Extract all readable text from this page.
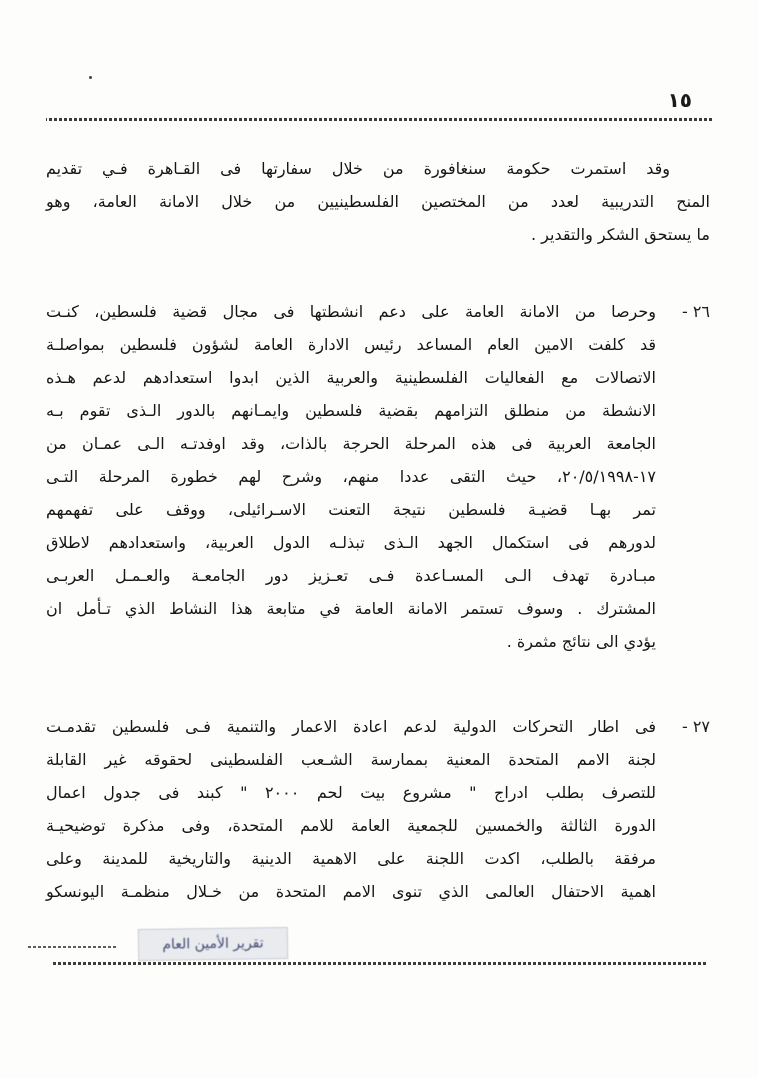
١٥
وقد استمرت حكومة سنغافورة من خلال سفارتها فى القـاهرة فـي تقديم
المنح التدريبية لعدد من المختصين الفلسطينيين من خلال الامانة العامة، وهو
ما يستحق الشكر والتقدير .
٢٦ -
وحرصا من الامانة العامة على دعم انشطتها فى مجال قضية فلسطين، كنـت
قد كلفت الامين العام المساعد رئيس الادارة العامة لشؤون فلسطين بمواصلـة
الاتصالات مع الفعاليات الفلسطينية والعربية الذين ابدوا استعدادهم لدعم هـذه
الانشطة من منطلق التزامهم بقضية فلسطين وايمـانهم بالدور الـذى تقوم بـه
الجامعة العربية فى هذه المرحلة الحرجة بالذات، وقد اوفدتـه الـى عمـان من
١٧-٢٠/٥/١٩٩٨، حيث التقى عددا منهم، وشرح لهم خطورة المرحلة التـى
تمر بهـا قضيـة فلسطين نتيجة التعنت الاسـرائيلى، ووقف على تفهمهم
لدورهم فى استكمال الجهد الـذى تبذلـه الدول العربية، واستعدادهم لاطلاق
مبـادرة تهدف الـى المسـاعدة فـى تعـزيز دور الجامعـة والعـمـل العربـى
المشترك . وسوف تستمر الامانة العامة في متابعة هذا النشاط الذي تـأمل ان
يؤدي الى نتائج مثمرة .
٢٧ -
فى اطار التحركات الدولية لدعم اعادة الاعمار والتنمية فـى فلسطين تقدمـت
لجنة الامم المتحدة المعنية بممارسة الشـعب الفلسطينى لحقوقه غير القابلة
للتصرف بطلب ادراج " مشروع بيت لحم ٢٠٠٠ " كبند فى جدول اعمال
الدورة الثالثة والخمسين للجمعية العامة للامم المتحدة، وفى مذكرة توضيحيـة
مرفقة بالطلب، اكدت اللجنة على الاهمية الدينية والتاريخية للمدينة وعلى
اهمية الاحتفال العالمى الذي تنوى الامم المتحدة من خـلال منظمـة اليونسكو
تقرير الأمين العام
